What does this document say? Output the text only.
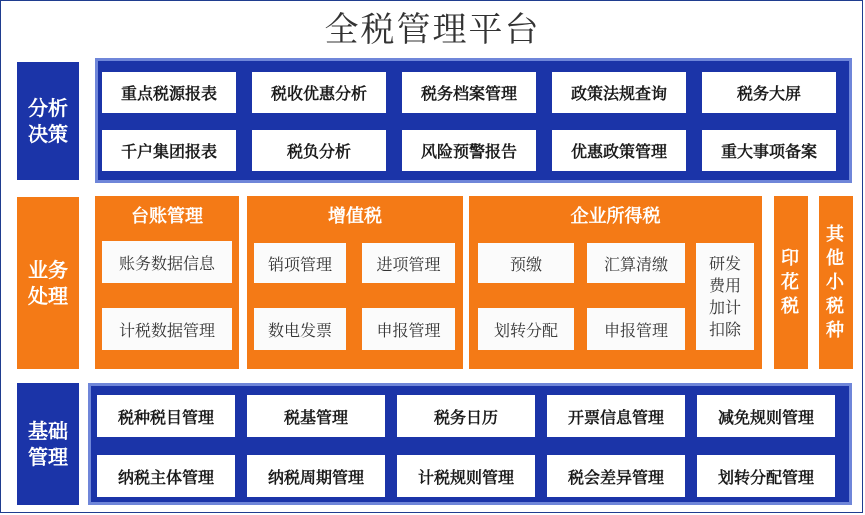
全税管理平台
分析决策
重点税源报表	税收优惠分析	税务档案管理	政策法规查询	税务大屏
千户集团报表	税负分析	风险预警报告	优惠政策管理	重大事项备案
业务处理
台账管理
账务数据信息
计税数据管理
增值税
销项管理	进项管理
数电发票	申报管理
企业所得税
预缴	汇算清缴
划转分配	申报管理
研发费用加计扣除
印花税
其他小税种
基础管理
税种税目管理	税基管理	税务日历	开票信息管理	减免规则管理
纳税主体管理	纳税周期管理	计税规则管理	税会差异管理	划转分配管理
